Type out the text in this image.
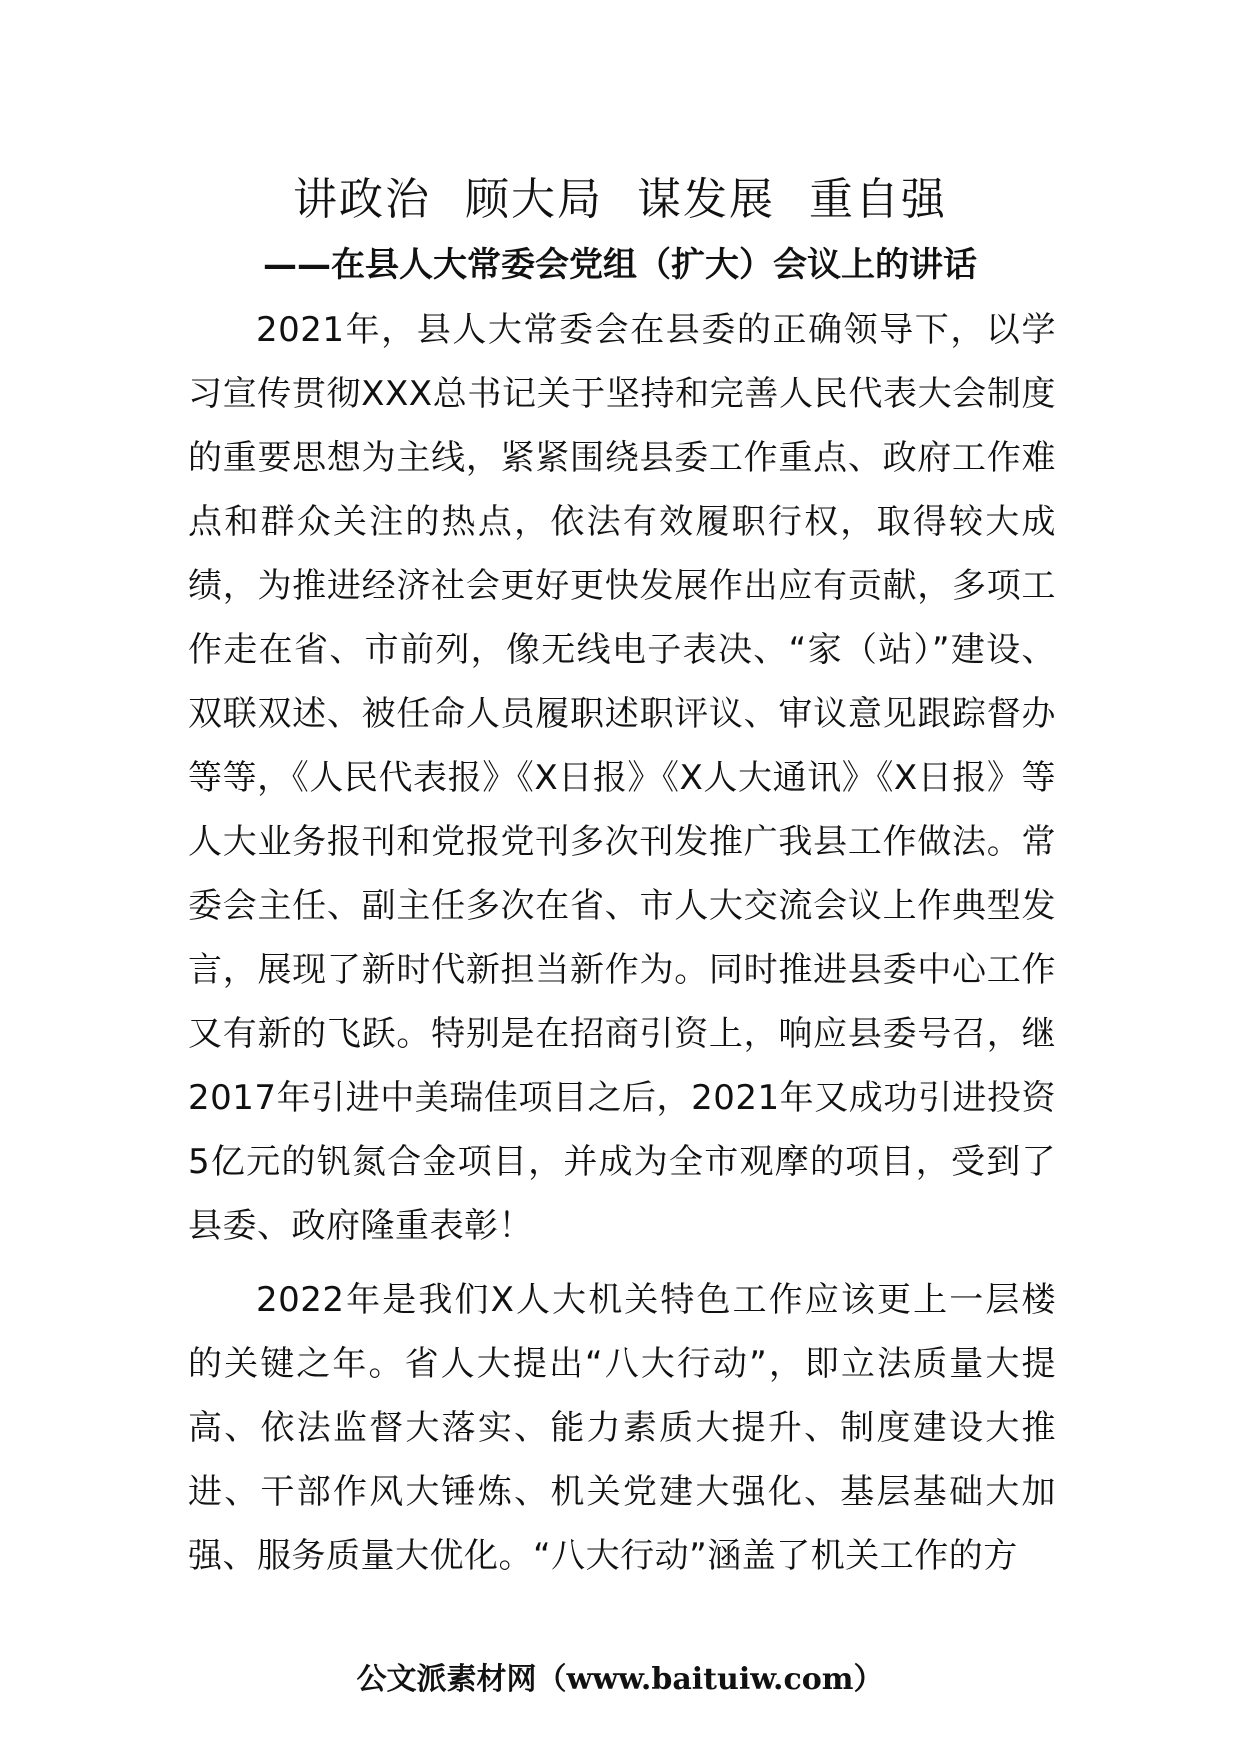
讲政治 顾大局 谋发展 重自强
——在县人大常委会党组（扩大）会议上的讲话

2021年，县人大常委会在县委的正确领导下，以学习宣传贯彻XXX总书记关于坚持和完善人民代表大会制度的重要思想为主线，紧紧围绕县委工作重点、政府工作难点和群众关注的热点，依法有效履职行权，取得较大成绩，为推进经济社会更好更快发展作出应有贡献，多项工作走在省、市前列，像无线电子表决、“家（站）”建设、双联双述、被任命人员履职述职评议、审议意见跟踪督办等等，《人民代表报》《X日报》《X人大通讯》《X日报》等人大业务报刊和党报党刊多次刊发推广我县工作做法。常委会主任、副主任多次在省、市人大交流会议上作典型发言，展现了新时代新担当新作为。同时推进县委中心工作又有新的飞跃。特别是在招商引资上，响应县委号召，继2017年引进中美瑞佳项目之后，2021年又成功引进投资5亿元的钒氮合金项目，并成为全市观摩的项目，受到了县委、政府隆重表彰！

2022年是我们X人大机关特色工作应该更上一层楼的关键之年。省人大提出“八大行动”，即立法质量大提高、依法监督大落实、能力素质大提升、制度建设大推进、干部作风大锤炼、机关党建大强化、基层基础大加强、服务质量大优化。“八大行动”涵盖了机关工作的方

公文派素材网（www.baituiw.com）
